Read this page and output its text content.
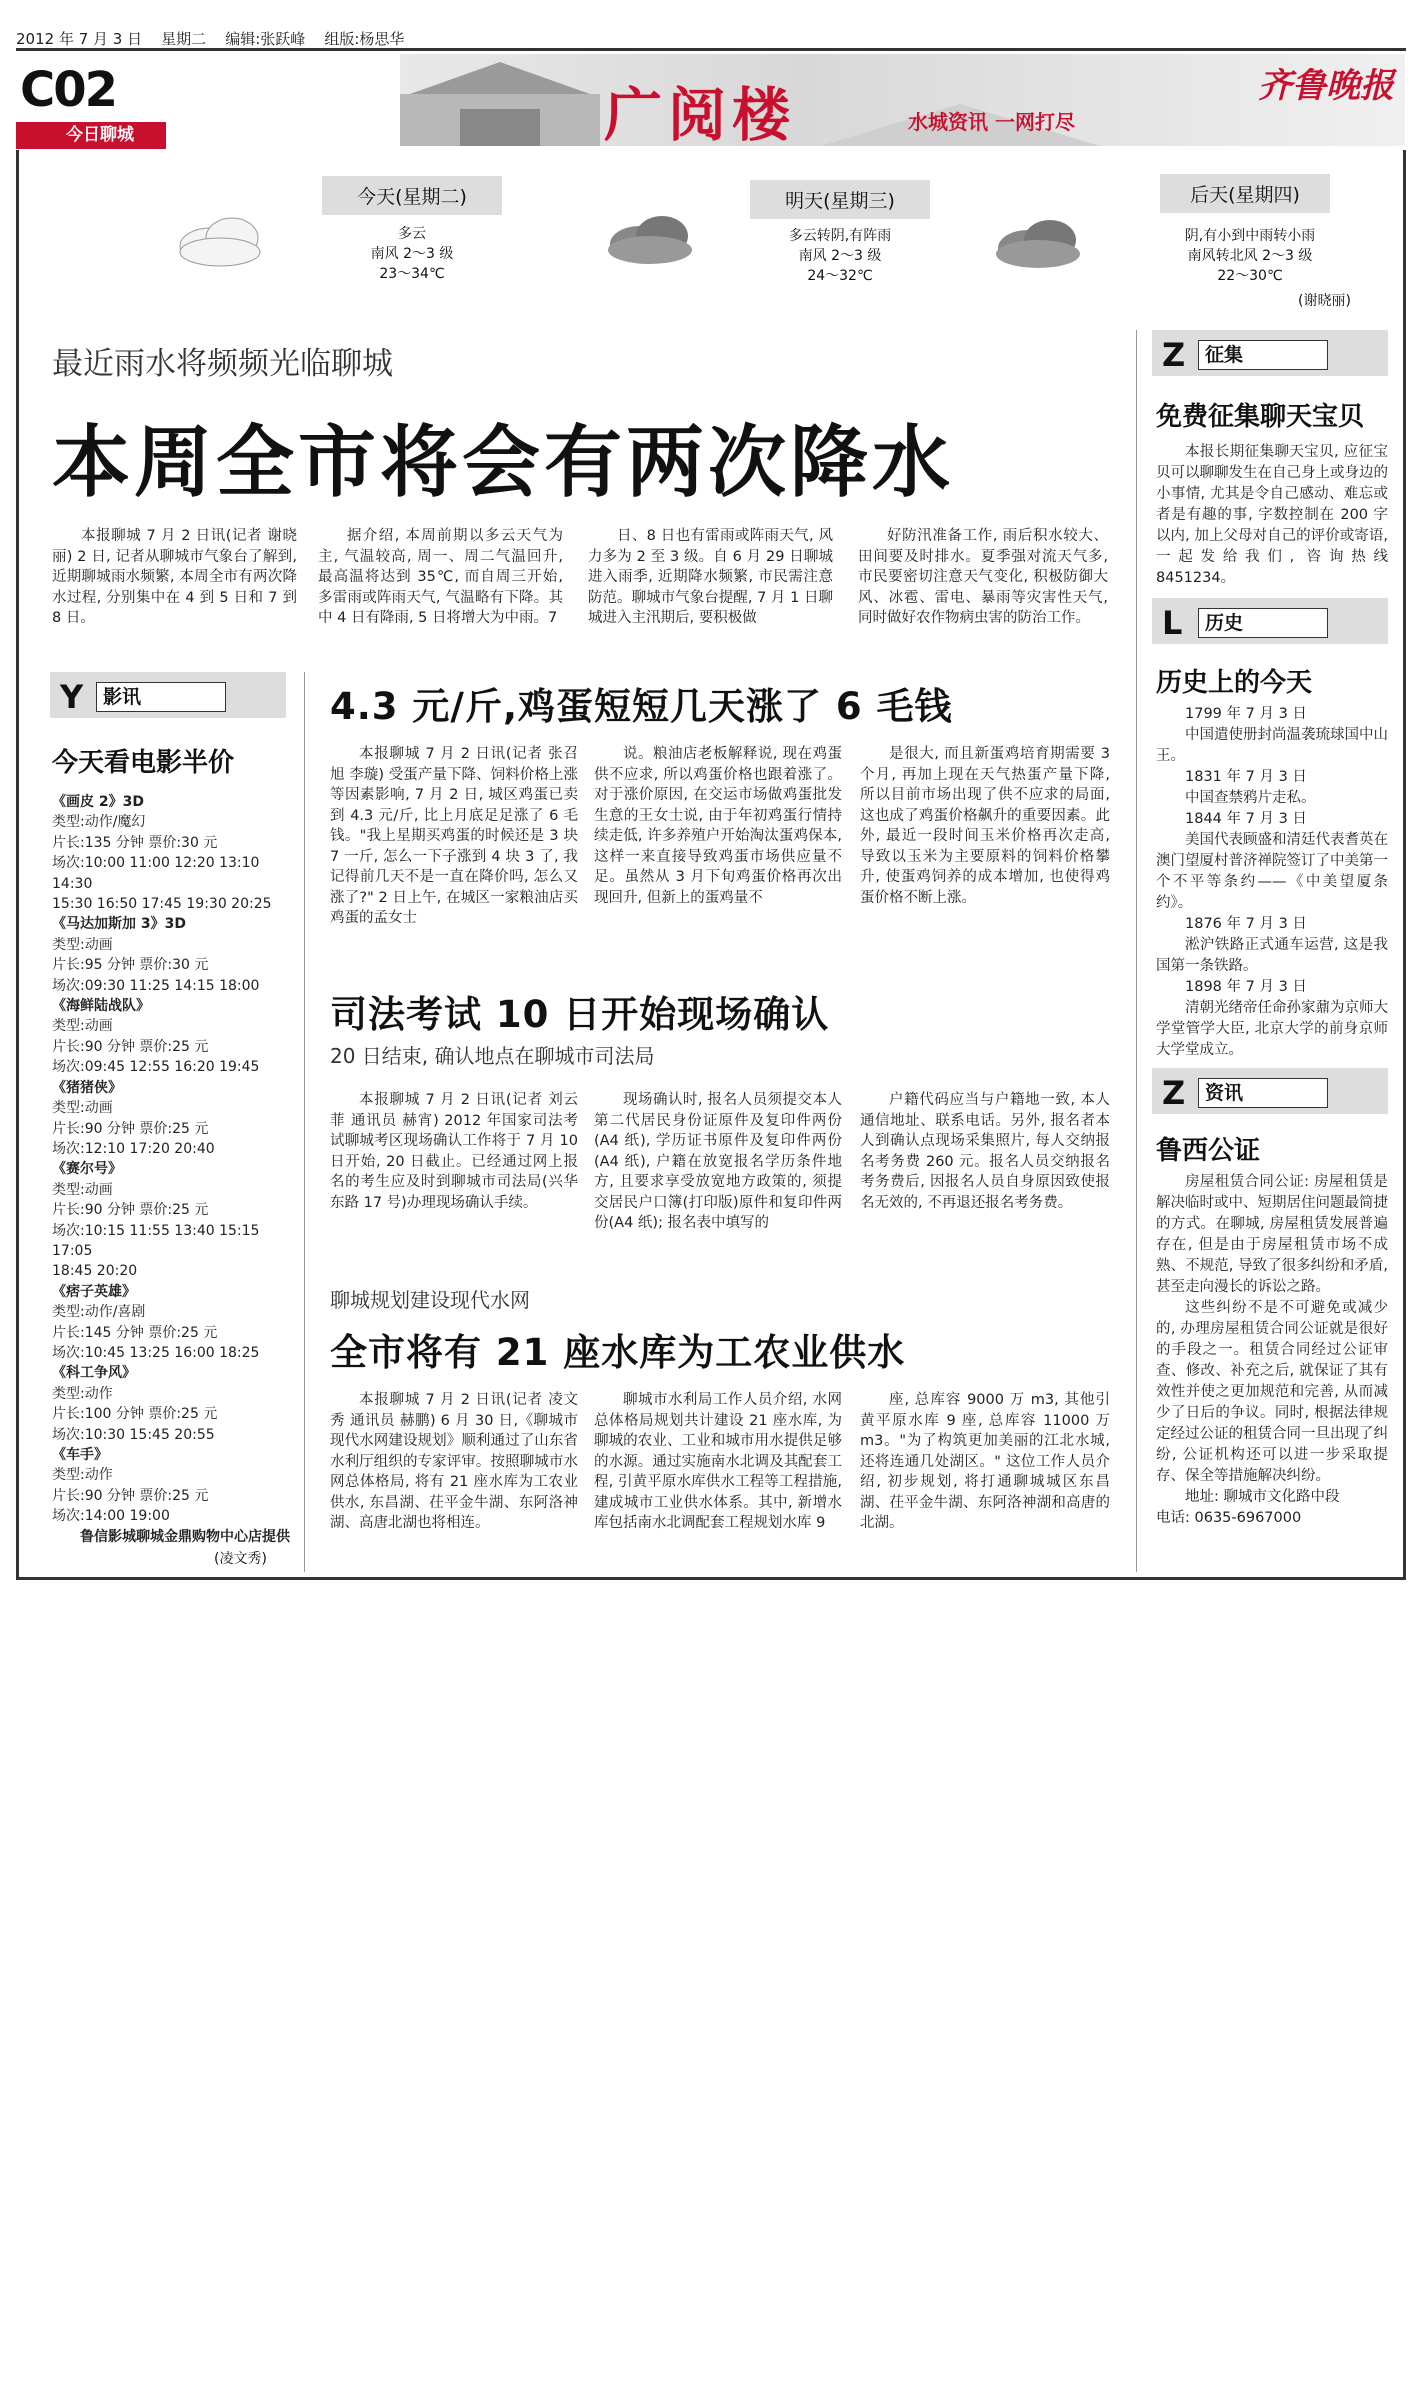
2012 年 7 月 3 日    星期二    编辑:张跃峰    组版:杨思华
C02
今日聊城	广阅楼	水城资讯 一网打尽
齐鲁晚报
今天(星期二)
多云
南风 2～3 级
23～34℃
明天(星期三)
多云转阴,有阵雨
南风 2～3 级
24～32℃
后天(星期四)
阴,有小到中雨转小雨
南风转北风 2～3 级
22～30℃
(谢晓丽)
最近雨水将频频光临聊城
本周全市将会有两次降水
本报聊城 7 月 2 日讯(记者 谢晓丽) 2 日, 记者从聊城市气象台了解到, 近期聊城雨水频繁, 本周全市有两次降水过程, 分别集中在 4 到 5 日和 7 到 8 日。
据介绍, 本周前期以多云天气为主, 气温较高, 周一、周二气温回升, 最高温将达到 35℃, 而自周三开始, 多雷雨或阵雨天气, 气温略有下降。其中 4 日有降雨, 5 日将增大为中雨。7
日、8 日也有雷雨或阵雨天气, 风力多为 2 至 3 级。自 6 月 29 日聊城进入雨季, 近期降水频繁, 市民需注意防范。聊城市气象台提醒, 7 月 1 日聊城进入主汛期后, 要积极做
好防汛准备工作, 雨后积水较大、田间要及时排水。夏季强对流天气多, 市民要密切注意天气变化, 积极防御大风、冰雹、雷电、暴雨等灾害性天气, 同时做好农作物病虫害的防治工作。
Y	影讯
今天看电影半价
《画皮 2》3D
类型:动作/魔幻
片长:135 分钟 票价:30 元
场次:10:00 11:00 12:20 13:10 14:30
15:30 16:50 17:45 19:30 20:25
《马达加斯加 3》3D
类型:动画
片长:95 分钟 票价:30 元
场次:09:30 11:25 14:15 18:00
《海鲜陆战队》
类型:动画
片长:90 分钟 票价:25 元
场次:09:45 12:55 16:20 19:45
《猪猪侠》
类型:动画
片长:90 分钟 票价:25 元
场次:12:10 17:20 20:40
《赛尔号》
类型:动画
片长:90 分钟 票价:25 元
场次:10:15 11:55 13:40 15:15 17:05
18:45 20:20
《痞子英雄》
类型:动作/喜剧
片长:145 分钟 票价:25 元
场次:10:45 13:25 16:00 18:25
《科工争风》
类型:动作
片长:100 分钟 票价:25 元
场次:10:30 15:45 20:55
《车手》
类型:动作
片长:90 分钟 票价:25 元
场次:14:00 19:00
鲁信影城聊城金鼎购物中心店提供
(凌文秀)
4.3 元/斤,鸡蛋短短几天涨了 6 毛钱
本报聊城 7 月 2 日讯(记者 张召旭 李璇) 受蛋产量下降、饲料价格上涨等因素影响, 7 月 2 日, 城区鸡蛋已卖到 4.3 元/斤, 比上月底足足涨了 6 毛钱。"我上星期买鸡蛋的时候还是 3 块 7 一斤, 怎么一下子涨到 4 块 3 了, 我记得前几天不是一直在降价吗, 怎么又涨了?" 2 日上午, 在城区一家粮油店买鸡蛋的孟女士
说。粮油店老板解释说, 现在鸡蛋供不应求, 所以鸡蛋价格也跟着涨了。对于涨价原因, 在交运市场做鸡蛋批发生意的王女士说, 由于年初鸡蛋行情持续走低, 许多养殖户开始淘汰蛋鸡保本, 这样一来直接导致鸡蛋市场供应量不足。虽然从 3 月下旬鸡蛋价格再次出现回升, 但新上的蛋鸡量不
是很大, 而且新蛋鸡培育期需要 3 个月, 再加上现在天气热蛋产量下降, 所以目前市场出现了供不应求的局面, 这也成了鸡蛋价格飙升的重要因素。此外, 最近一段时间玉米价格再次走高, 导致以玉米为主要原料的饲料价格攀升, 使蛋鸡饲养的成本增加, 也使得鸡蛋价格不断上涨。
司法考试 10 日开始现场确认
20 日结束, 确认地点在聊城市司法局
本报聊城 7 月 2 日讯(记者 刘云菲 通讯员 赫宵) 2012 年国家司法考试聊城考区现场确认工作将于 7 月 10 日开始, 20 日截止。已经通过网上报名的考生应及时到聊城市司法局(兴华东路 17 号)办理现场确认手续。
现场确认时, 报名人员须提交本人第二代居民身份证原件及复印件两份(A4 纸), 学历证书原件及复印件两份(A4 纸), 户籍在放宽报名学历条件地方, 且要求享受放宽地方政策的, 须提交居民户口簿(打印版)原件和复印件两份(A4 纸); 报名表中填写的
户籍代码应当与户籍地一致, 本人通信地址、联系电话。另外, 报名者本人到确认点现场采集照片, 每人交纳报名考务费 260 元。报名人员交纳报名考务费后, 因报名人员自身原因致使报名无效的, 不再退还报名考务费。
聊城规划建设现代水网
全市将有 21 座水库为工农业供水
本报聊城 7 月 2 日讯(记者 凌文秀 通讯员 赫鹏) 6 月 30 日,《聊城市现代水网建设规划》顺利通过了山东省水利厅组织的专家评审。按照聊城市水网总体格局, 将有 21 座水库为工农业供水, 东昌湖、茌平金牛湖、东阿洛神湖、高唐北湖也将相连。
聊城市水利局工作人员介绍, 水网总体格局规划共计建设 21 座水库, 为聊城的农业、工业和城市用水提供足够的水源。通过实施南水北调及其配套工程, 引黄平原水库供水工程等工程措施, 建成城市工业供水体系。其中, 新增水库包括南水北调配套工程规划水库 9
座, 总库容 9000 万 m3, 其他引黄平原水库 9 座, 总库容 11000 万 m3。"为了构筑更加美丽的江北水城, 还将连通几处湖区。" 这位工作人员介绍, 初步规划, 将打通聊城城区东昌湖、茌平金牛湖、东阿洛神湖和高唐的北湖。
Z	征集
免费征集聊天宝贝
本报长期征集聊天宝贝, 应征宝贝可以聊聊发生在自己身上或身边的小事情, 尤其是令自己感动、难忘或者是有趣的事, 字数控制在 200 字以内, 加上父母对自己的评价或寄语, 一起发给我们, 咨询热线 8451234。
L	历史
历史上的今天
1799 年 7 月 3 日
中国遣使册封尚温袭琉球国中山王。
1831 年 7 月 3 日
中国查禁鸦片走私。
1844 年 7 月 3 日
美国代表顾盛和清廷代表耆英在澳门望厦村普济禅院签订了中美第一个不平等条约——《中美望厦条约》。
1876 年 7 月 3 日
淞沪铁路正式通车运营, 这是我国第一条铁路。
1898 年 7 月 3 日
清朝光绪帝任命孙家鼐为京师大学堂管学大臣, 北京大学的前身京师大学堂成立。
Z	资讯
鲁西公证
房屋租赁合同公证: 房屋租赁是解决临时或中、短期居住问题最简捷的方式。在聊城, 房屋租赁发展普遍存在, 但是由于房屋租赁市场不成熟、不规范, 导致了很多纠纷和矛盾, 甚至走向漫长的诉讼之路。
这些纠纷不是不可避免或减少的, 办理房屋租赁合同公证就是很好的手段之一。租赁合同经过公证审查、修改、补充之后, 就保证了其有效性并使之更加规范和完善, 从而减少了日后的争议。同时, 根据法律规定经过公证的租赁合同一旦出现了纠纷, 公证机构还可以进一步采取提存、保全等措施解决纠纷。
地址: 聊城市文化路中段
电话: 0635-6967000
